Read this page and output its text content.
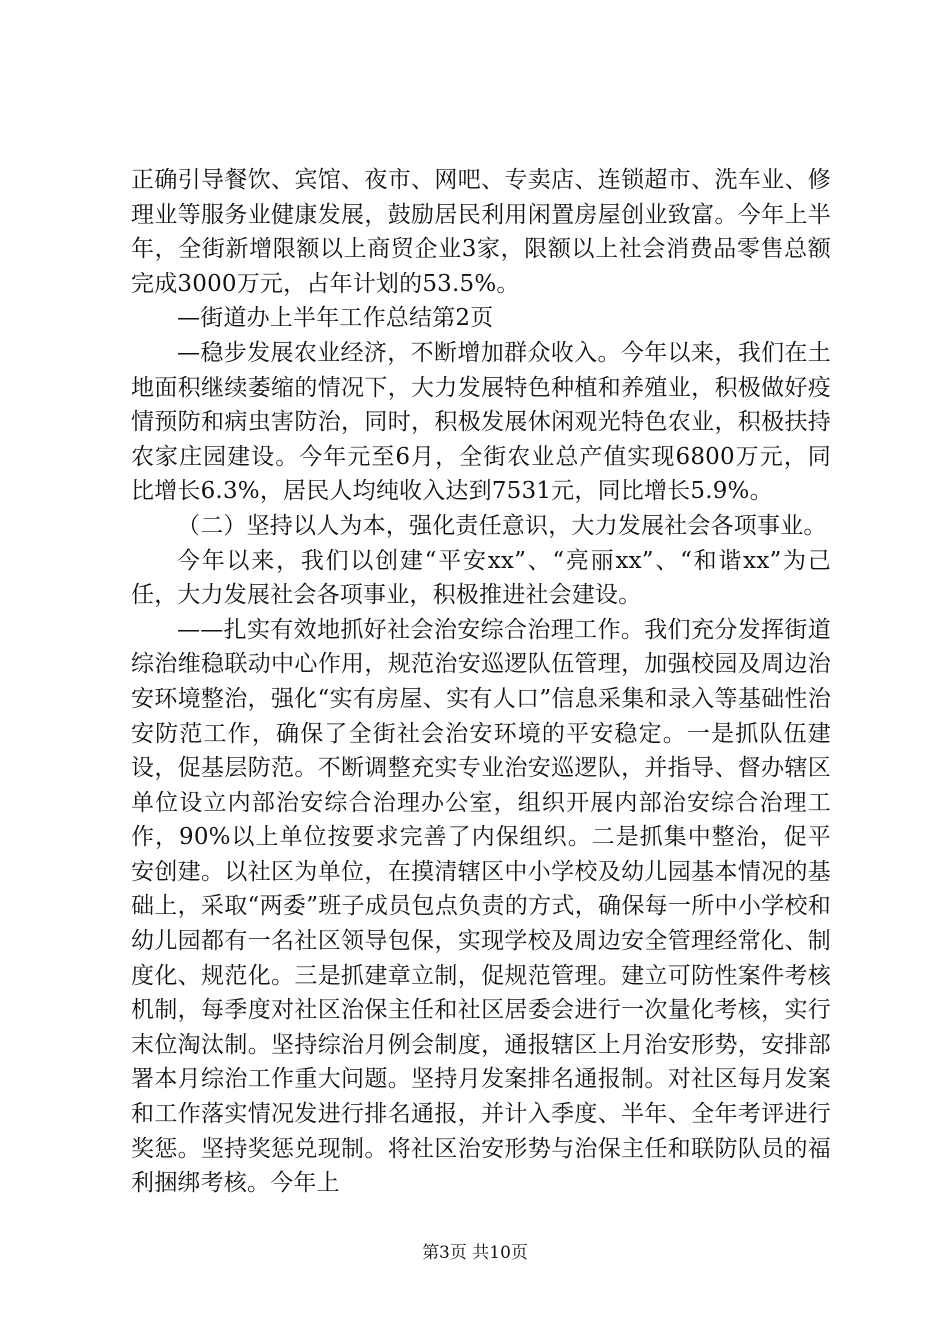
正确引导餐饮、宾馆、夜市、网吧、专卖店、连锁超市、洗车业、修理业等服务业健康发展，鼓励居民利用闲置房屋创业致富。今年上半年，全街新增限额以上商贸企业3家，限额以上社会消费品零售总额完成3000万元，占年计划的53.5%。

—街道办上半年工作总结第2页

—稳步发展农业经济，不断增加群众收入。今年以来，我们在土地面积继续萎缩的情况下，大力发展特色种植和养殖业，积极做好疫情预防和病虫害防治，同时，积极发展休闲观光特色农业，积极扶持农家庄园建设。今年元至6月，全街农业总产值实现6800万元，同比增长6.3%，居民人均纯收入达到7531元，同比增长5.9%。

（二）坚持以人为本，强化责任意识，大力发展社会各项事业。

今年以来，我们以创建“平安xx”、“亮丽xx”、“和谐xx”为己任，大力发展社会各项事业，积极推进社会建设。

——扎实有效地抓好社会治安综合治理工作。我们充分发挥街道综治维稳联动中心作用，规范治安巡逻队伍管理，加强校园及周边治安环境整治，强化“实有房屋、实有人口”信息采集和录入等基础性治安防范工作，确保了全街社会治安环境的平安稳定。一是抓队伍建设，促基层防范。不断调整充实专业治安巡逻队，并指导、督办辖区单位设立内部治安综合治理办公室，组织开展内部治安综合治理工作，90%以上单位按要求完善了内保组织。二是抓集中整治，促平安创建。以社区为单位，在摸清辖区中小学校及幼儿园基本情况的基础上，采取“两委”班子成员包点负责的方式，确保每一所中小学校和幼儿园都有一名社区领导包保，实现学校及周边安全管理经常化、制度化、规范化。三是抓建章立制，促规范管理。建立可防性案件考核机制，每季度对社区治保主任和社区居委会进行一次量化考核，实行末位淘汰制。坚持综治月例会制度，通报辖区上月治安形势，安排部署本月综治工作重大问题。坚持月发案排名通报制。对社区每月发案和工作落实情况发进行排名通报，并计入季度、半年、全年考评进行奖惩。坚持奖惩兑现制。将社区治安形势与治保主任和联防队员的福利捆绑考核。今年上

第3页 共10页
